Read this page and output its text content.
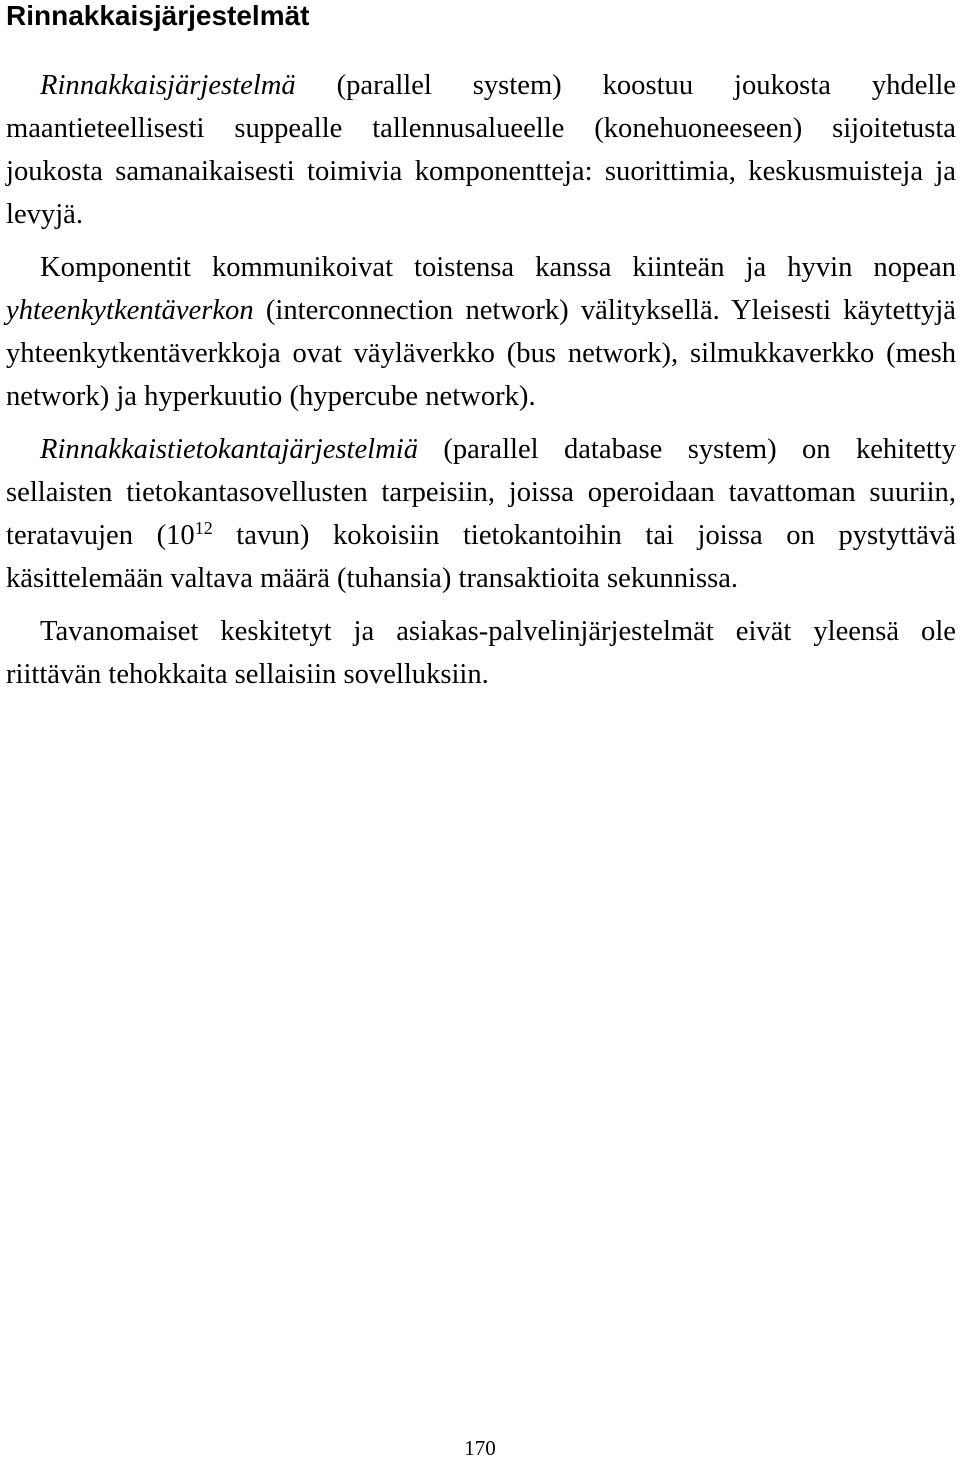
Rinnakkaisjärjestelmät

Rinnakkaisjärjestelmä (parallel system) koostuu joukosta yhdelle maantieteellisesti suppealle tallennusalueelle (konehuoneeseen) sijoitetusta joukosta samanaikaisesti toimivia komponentteja: suorittimia, keskusmuisteja ja levyjä.

Komponentit kommunikoivat toistensa kanssa kiinteän ja hyvin nopean yhteenkytkentäverkon (interconnection network) välityksellä. Yleisesti käytettyjä yhteenkytkentäverkkoja ovat väyläverkko (bus network), silmukkaverkko (mesh network) ja hyperkuutio (hypercube network).

Rinnakkaistietokantajärjestelmiä (parallel database system) on kehitetty sellaisten tietokantasovellusten tarpeisiin, joissa operoidaan tavattoman suuriin, teratavujen ($10^{12}$ tavun) kokoisiin tietokantoihin tai joissa on pystyttävä käsittelemään valtava määrä (tuhansia) transaktioita sekunnissa.

Tavanomaiset keskitetyt ja asiakas-palvelinjärjestelmät eivät yleensä ole riittävän tehokkaita sellaisiin sovelluksiin.

170
